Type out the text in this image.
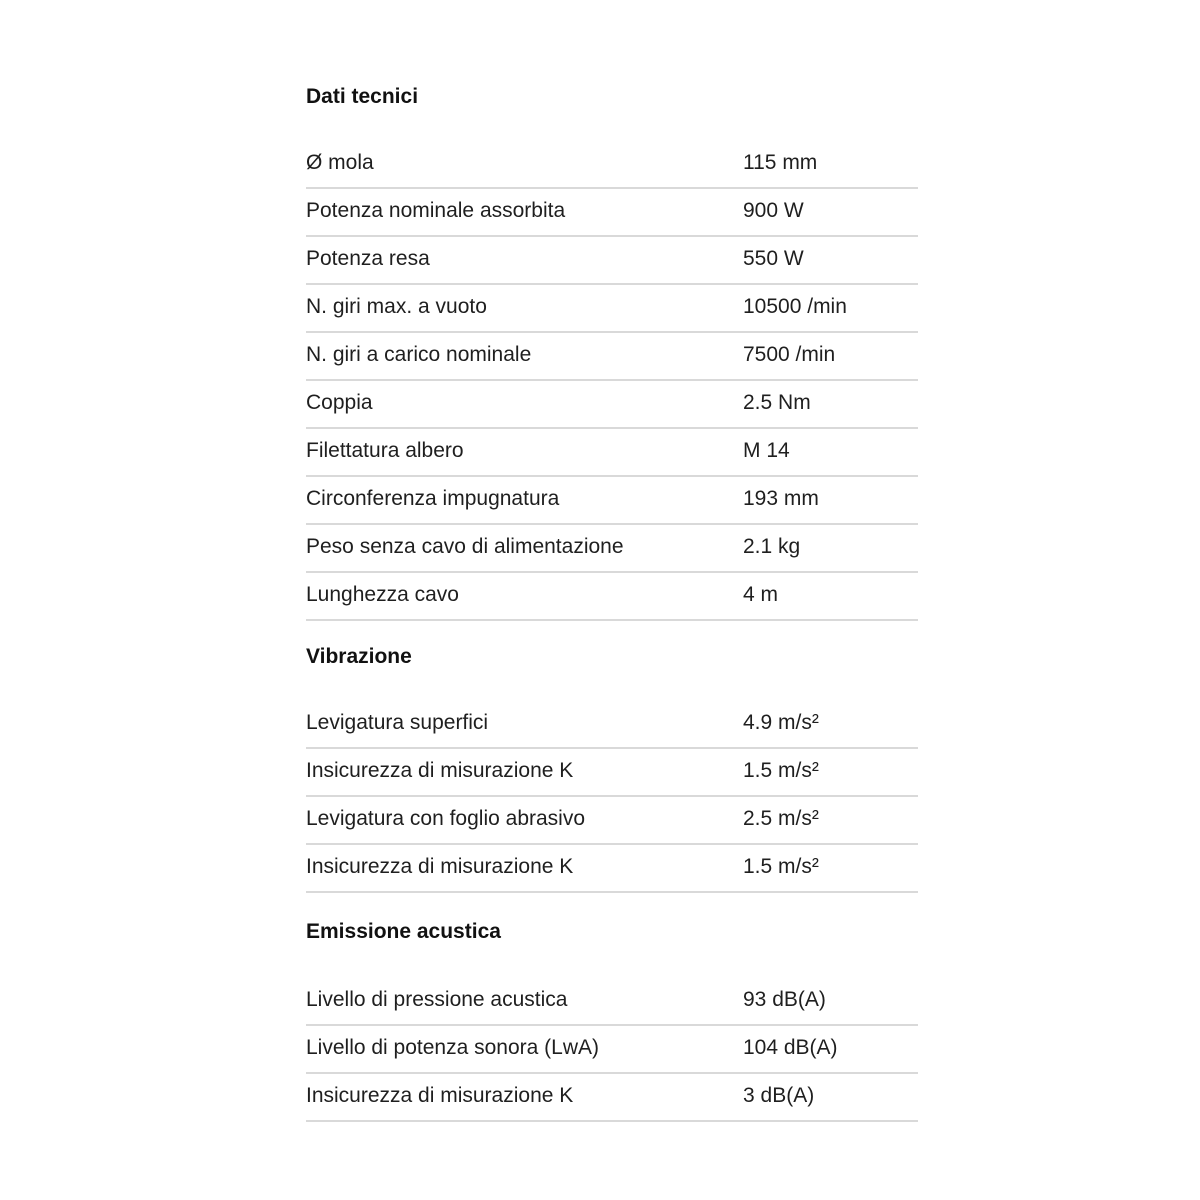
Dati tecnici
Ø mola	115 mm
Potenza nominale assorbita	900 W
Potenza resa	550 W
N. giri max. a vuoto	10500 /min
N. giri a carico nominale	7500 /min
Coppia	2.5 Nm
Filettatura albero	M 14
Circonferenza impugnatura	193 mm
Peso senza cavo di alimentazione	2.1 kg
Lunghezza cavo	4 m
Vibrazione
Levigatura superfici	4.9 m/s²
Insicurezza di misurazione K	1.5 m/s²
Levigatura con foglio abrasivo	2.5 m/s²
Insicurezza di misurazione K	1.5 m/s²
Emissione acustica
Livello di pressione acustica	93 dB(A)
Livello di potenza sonora (LwA)	104 dB(A)
Insicurezza di misurazione K	3 dB(A)
